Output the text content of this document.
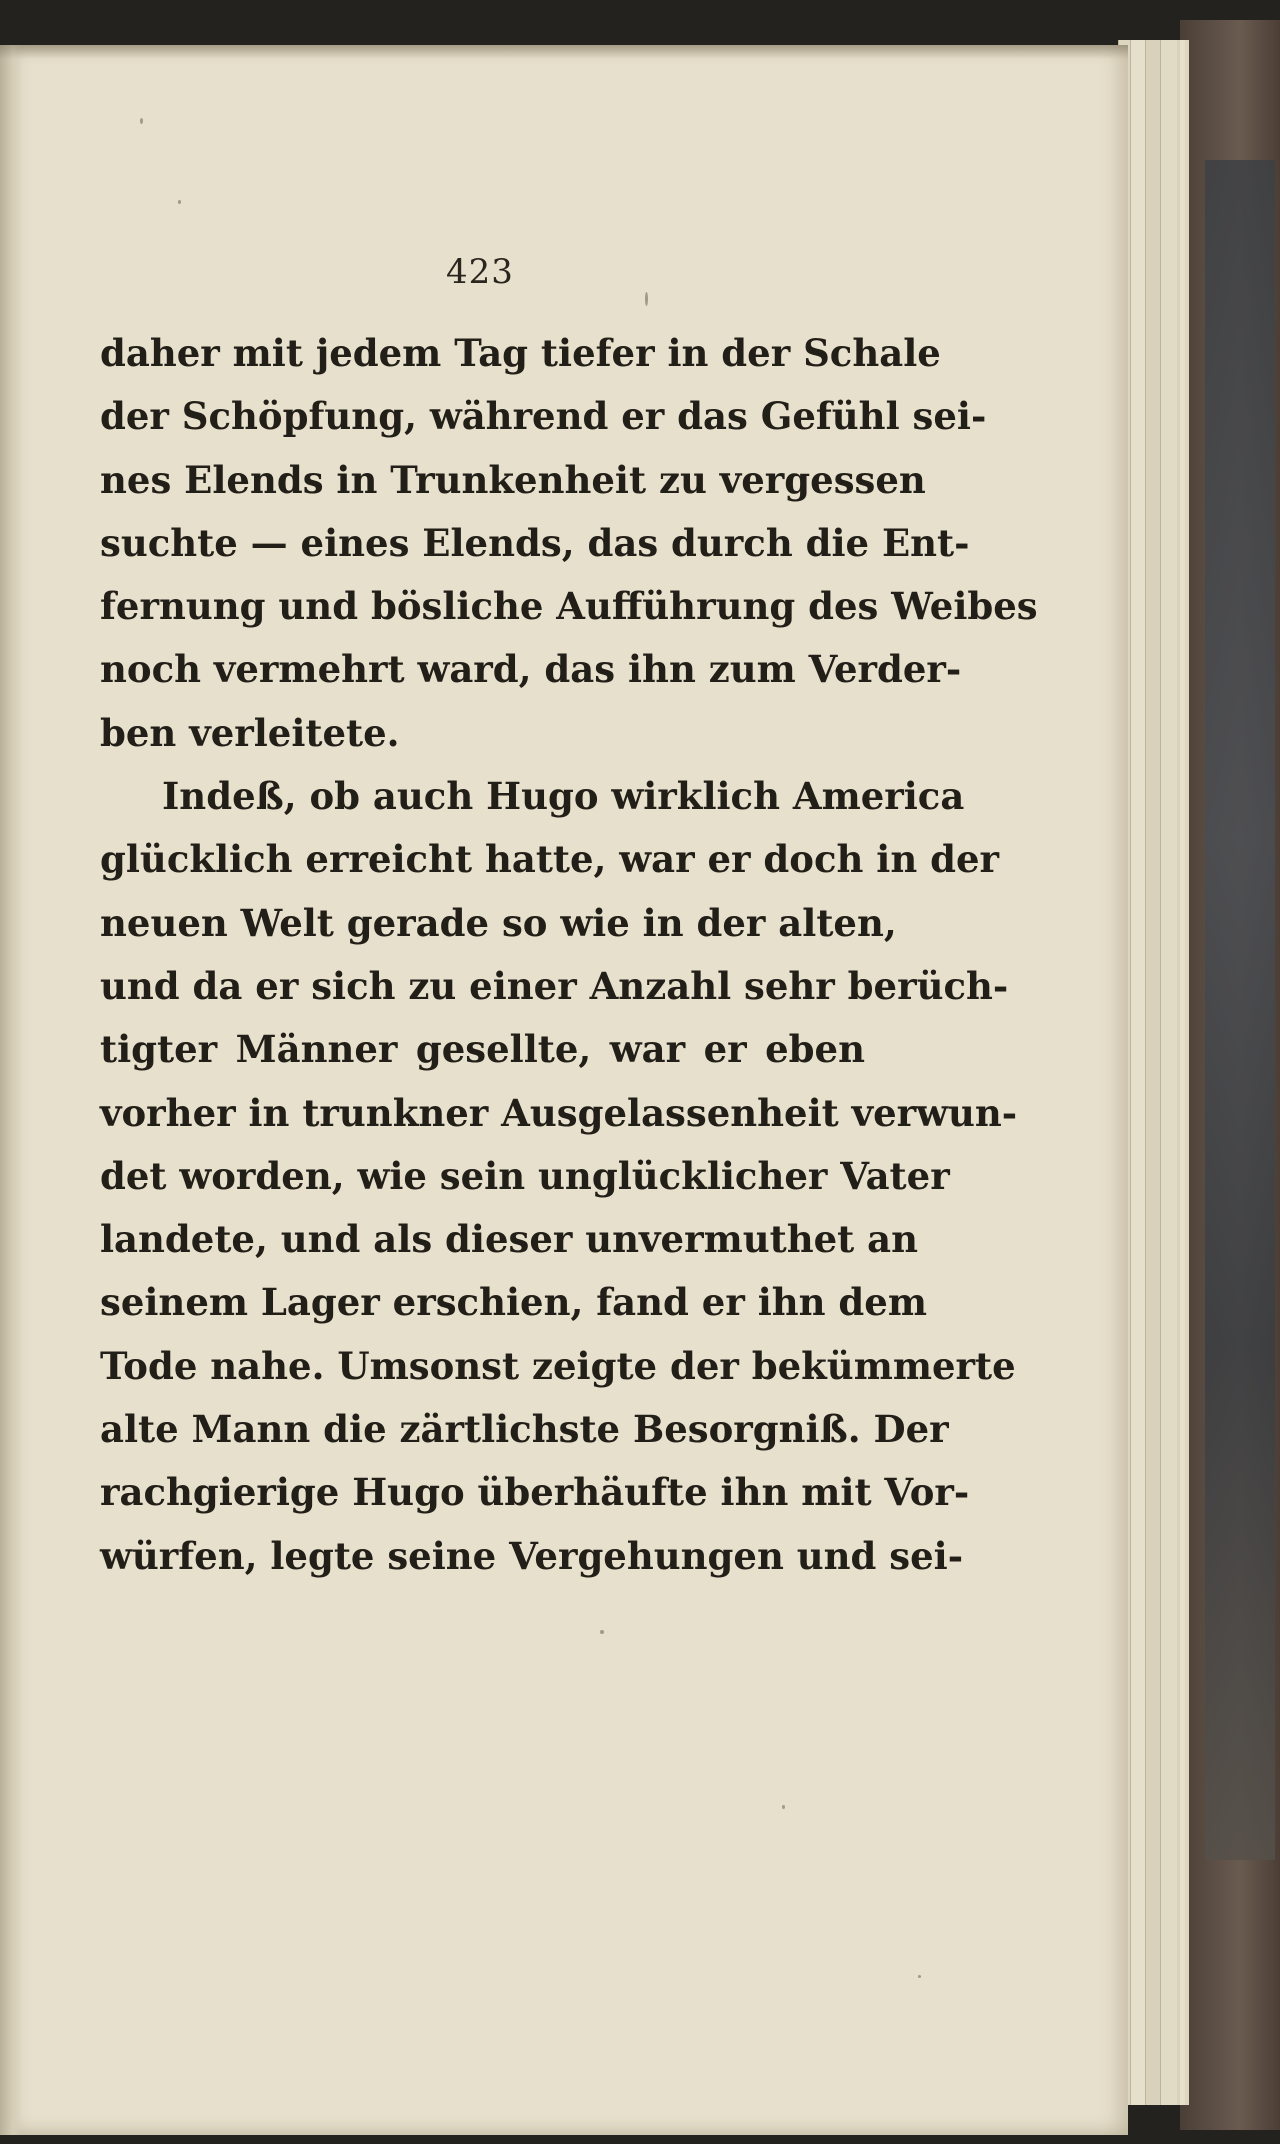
423
daher mit jedem Tag tiefer in der Schale
der Schöpfung, während er das Gefühl sei-
nes Elends in Trunkenheit zu vergessen
suchte — eines Elends, das durch die Ent-
fernung und bösliche Aufführung des Weibes
noch vermehrt ward, das ihn zum Verder-
ben verleitete.
Indeß, ob auch Hugo wirklich America
glücklich erreicht hatte, war er doch in der
neuen Welt gerade so wie in der alten,
und da er sich zu einer Anzahl sehr berüch-
tigter Männer gesellte, war er eben
vorher in trunkner Ausgelassenheit verwun-
det worden, wie sein unglücklicher Vater
landete, und als dieser unvermuthet an
seinem Lager erschien, fand er ihn dem
Tode nahe. Umsonst zeigte der bekümmerte
alte Mann die zärtlichste Besorgniß. Der
rachgierige Hugo überhäufte ihn mit Vor-
würfen, legte seine Vergehungen und sei-
